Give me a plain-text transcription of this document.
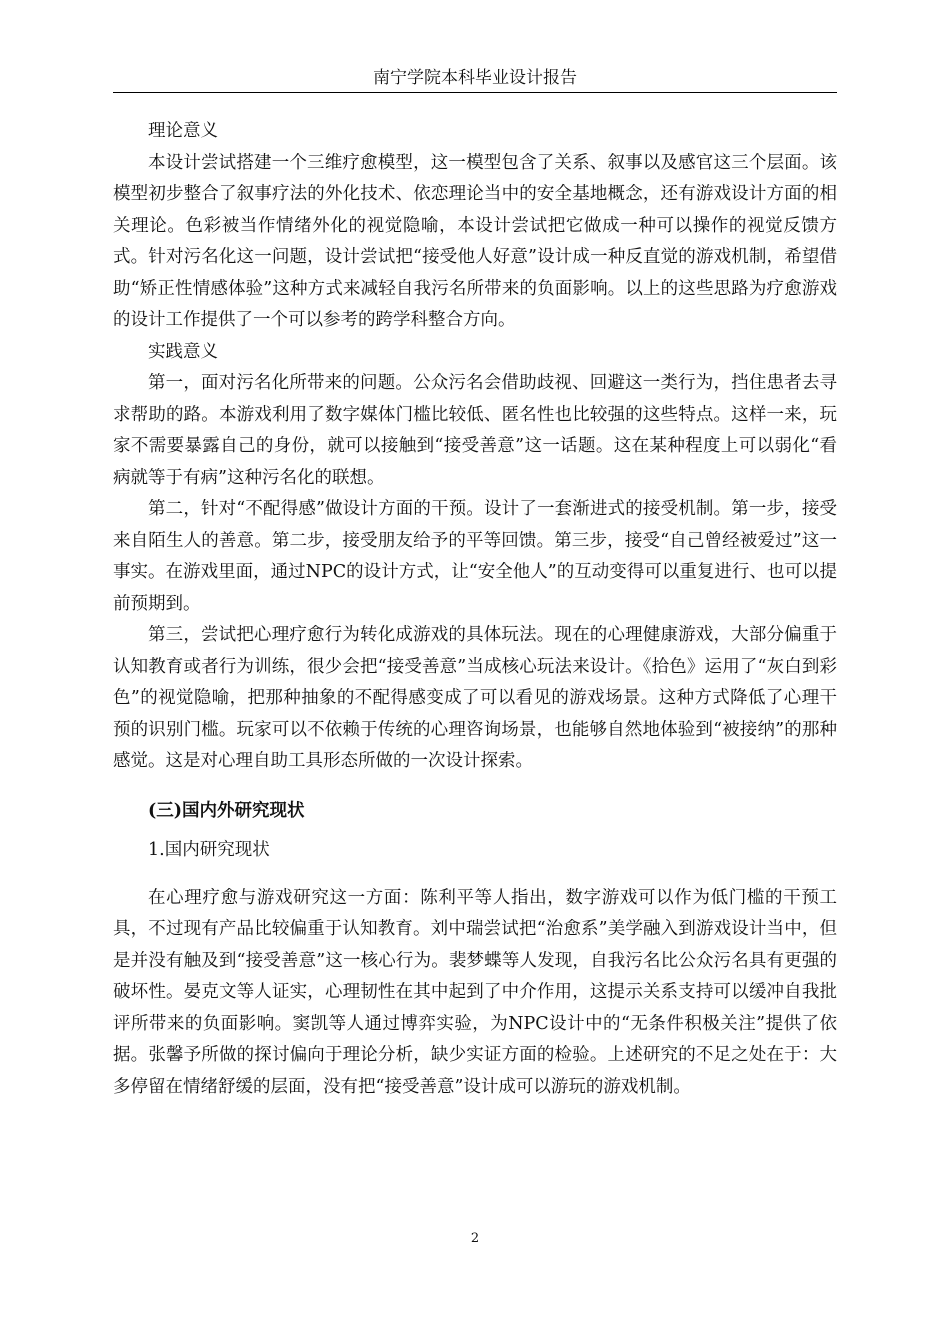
南宁学院本科毕业设计报告

理论意义

本设计尝试搭建一个三维疗愈模型，这一模型包含了关系、叙事以及感官这三个层面。该模型初步整合了叙事疗法的外化技术、依恋理论当中的安全基地概念，还有游戏设计方面的相关理论。色彩被当作情绪外化的视觉隐喻，本设计尝试把它做成一种可以操作的视觉反馈方式。针对污名化这一问题，设计尝试把“接受他人好意”设计成一种反直觉的游戏机制，希望借助“矫正性情感体验”这种方式来减轻自我污名所带来的负面影响。以上的这些思路为疗愈游戏的设计工作提供了一个可以参考的跨学科整合方向。

实践意义

第一，面对污名化所带来的问题。公众污名会借助歧视、回避这一类行为，挡住患者去寻求帮助的路。本游戏利用了数字媒体门槛比较低、匿名性也比较强的这些特点。这样一来，玩家不需要暴露自己的身份，就可以接触到“接受善意”这一话题。这在某种程度上可以弱化“看病就等于有病”这种污名化的联想。

第二，针对“不配得感”做设计方面的干预。设计了一套渐进式的接受机制。第一步，接受来自陌生人的善意。第二步，接受朋友给予的平等回馈。第三步，接受“自己曾经被爱过”这一事实。在游戏里面，通过NPC的设计方式，让“安全他人”的互动变得可以重复进行、也可以提前预期到。

第三，尝试把心理疗愈行为转化成游戏的具体玩法。现在的心理健康游戏，大部分偏重于认知教育或者行为训练，很少会把“接受善意”当成核心玩法来设计。《拾色》运用了“灰白到彩色”的视觉隐喻，把那种抽象的不配得感变成了可以看见的游戏场景。这种方式降低了心理干预的识别门槛。玩家可以不依赖于传统的心理咨询场景，也能够自然地体验到“被接纳”的那种感觉。这是对心理自助工具形态所做的一次设计探索。

(三)国内外研究现状

1.国内研究现状

在心理疗愈与游戏研究这一方面：陈利平等人指出，数字游戏可以作为低门槛的干预工具，不过现有产品比较偏重于认知教育。刘中瑞尝试把“治愈系”美学融入到游戏设计当中，但是并没有触及到“接受善意”这一核心行为。裴梦蝶等人发现，自我污名比公众污名具有更强的破坏性。晏克文等人证实，心理韧性在其中起到了中介作用，这提示关系支持可以缓冲自我批评所带来的负面影响。窦凯等人通过博弈实验，为NPC设计中的“无条件积极关注”提供了依据。张馨予所做的探讨偏向于理论分析，缺少实证方面的检验。上述研究的不足之处在于：大多停留在情绪舒缓的层面，没有把“接受善意”设计成可以游玩的游戏机制。

2
